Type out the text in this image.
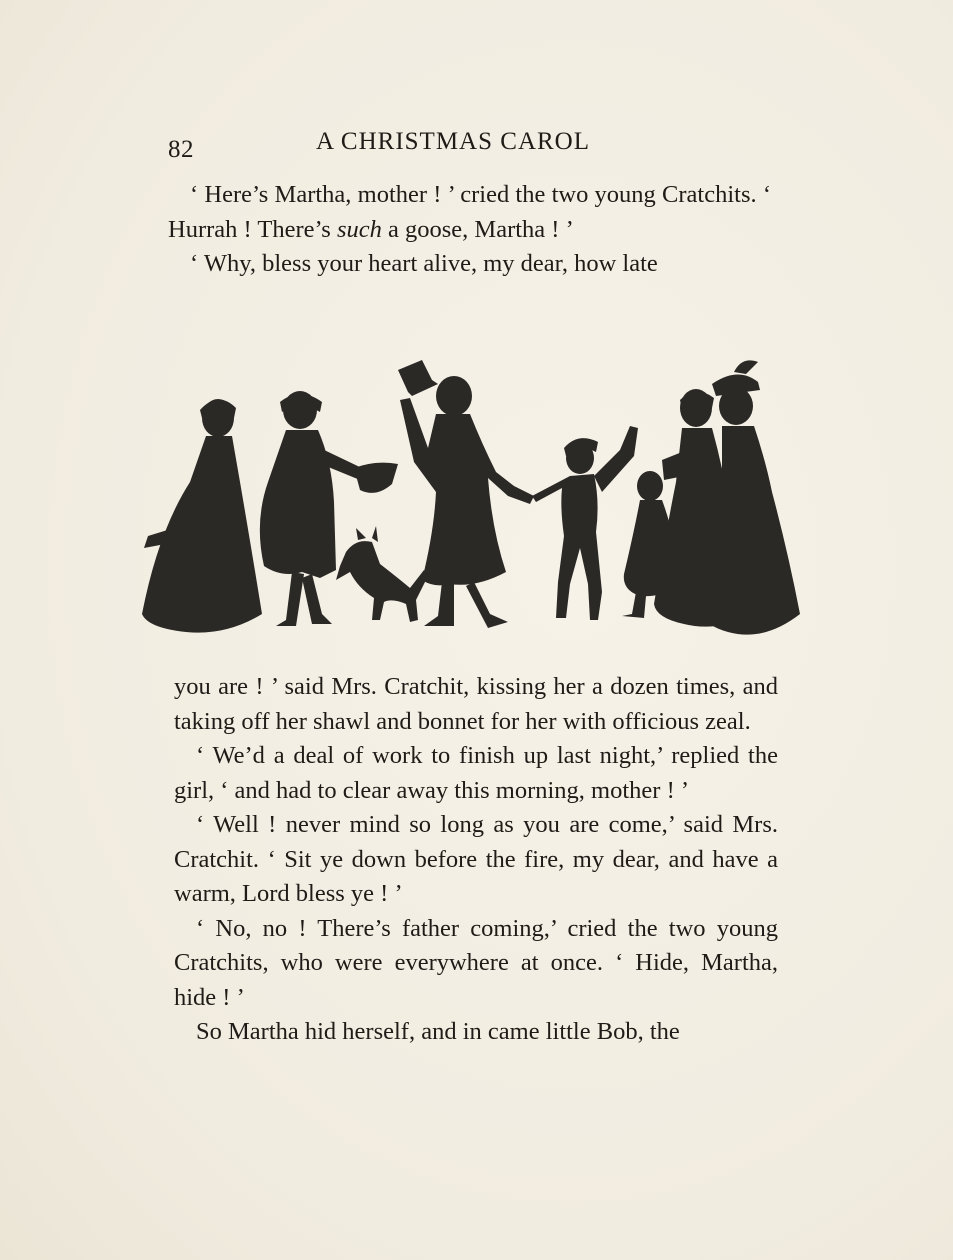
82	A CHRISTMAS CAROL

‘ Here’s Martha, mother ! ’ cried the two young Cratchits. ‘ Hurrah ! There’s such a goose, Martha ! ’

‘ Why, bless your heart alive, my dear, how late

you are ! ’ said Mrs. Cratchit, kissing her a dozen times, and taking off her shawl and bonnet for her with officious zeal.

‘ We’d a deal of work to finish up last night,’ replied the girl, ‘ and had to clear away this morning, mother ! ’

‘ Well ! never mind so long as you are come,’ said Mrs. Cratchit. ‘ Sit ye down before the fire, my dear, and have a warm, Lord bless ye ! ’

‘ No, no ! There’s father coming,’ cried the two young Cratchits, who were everywhere at once. ‘ Hide, Martha, hide ! ’

So Martha hid herself, and in came little Bob, the
